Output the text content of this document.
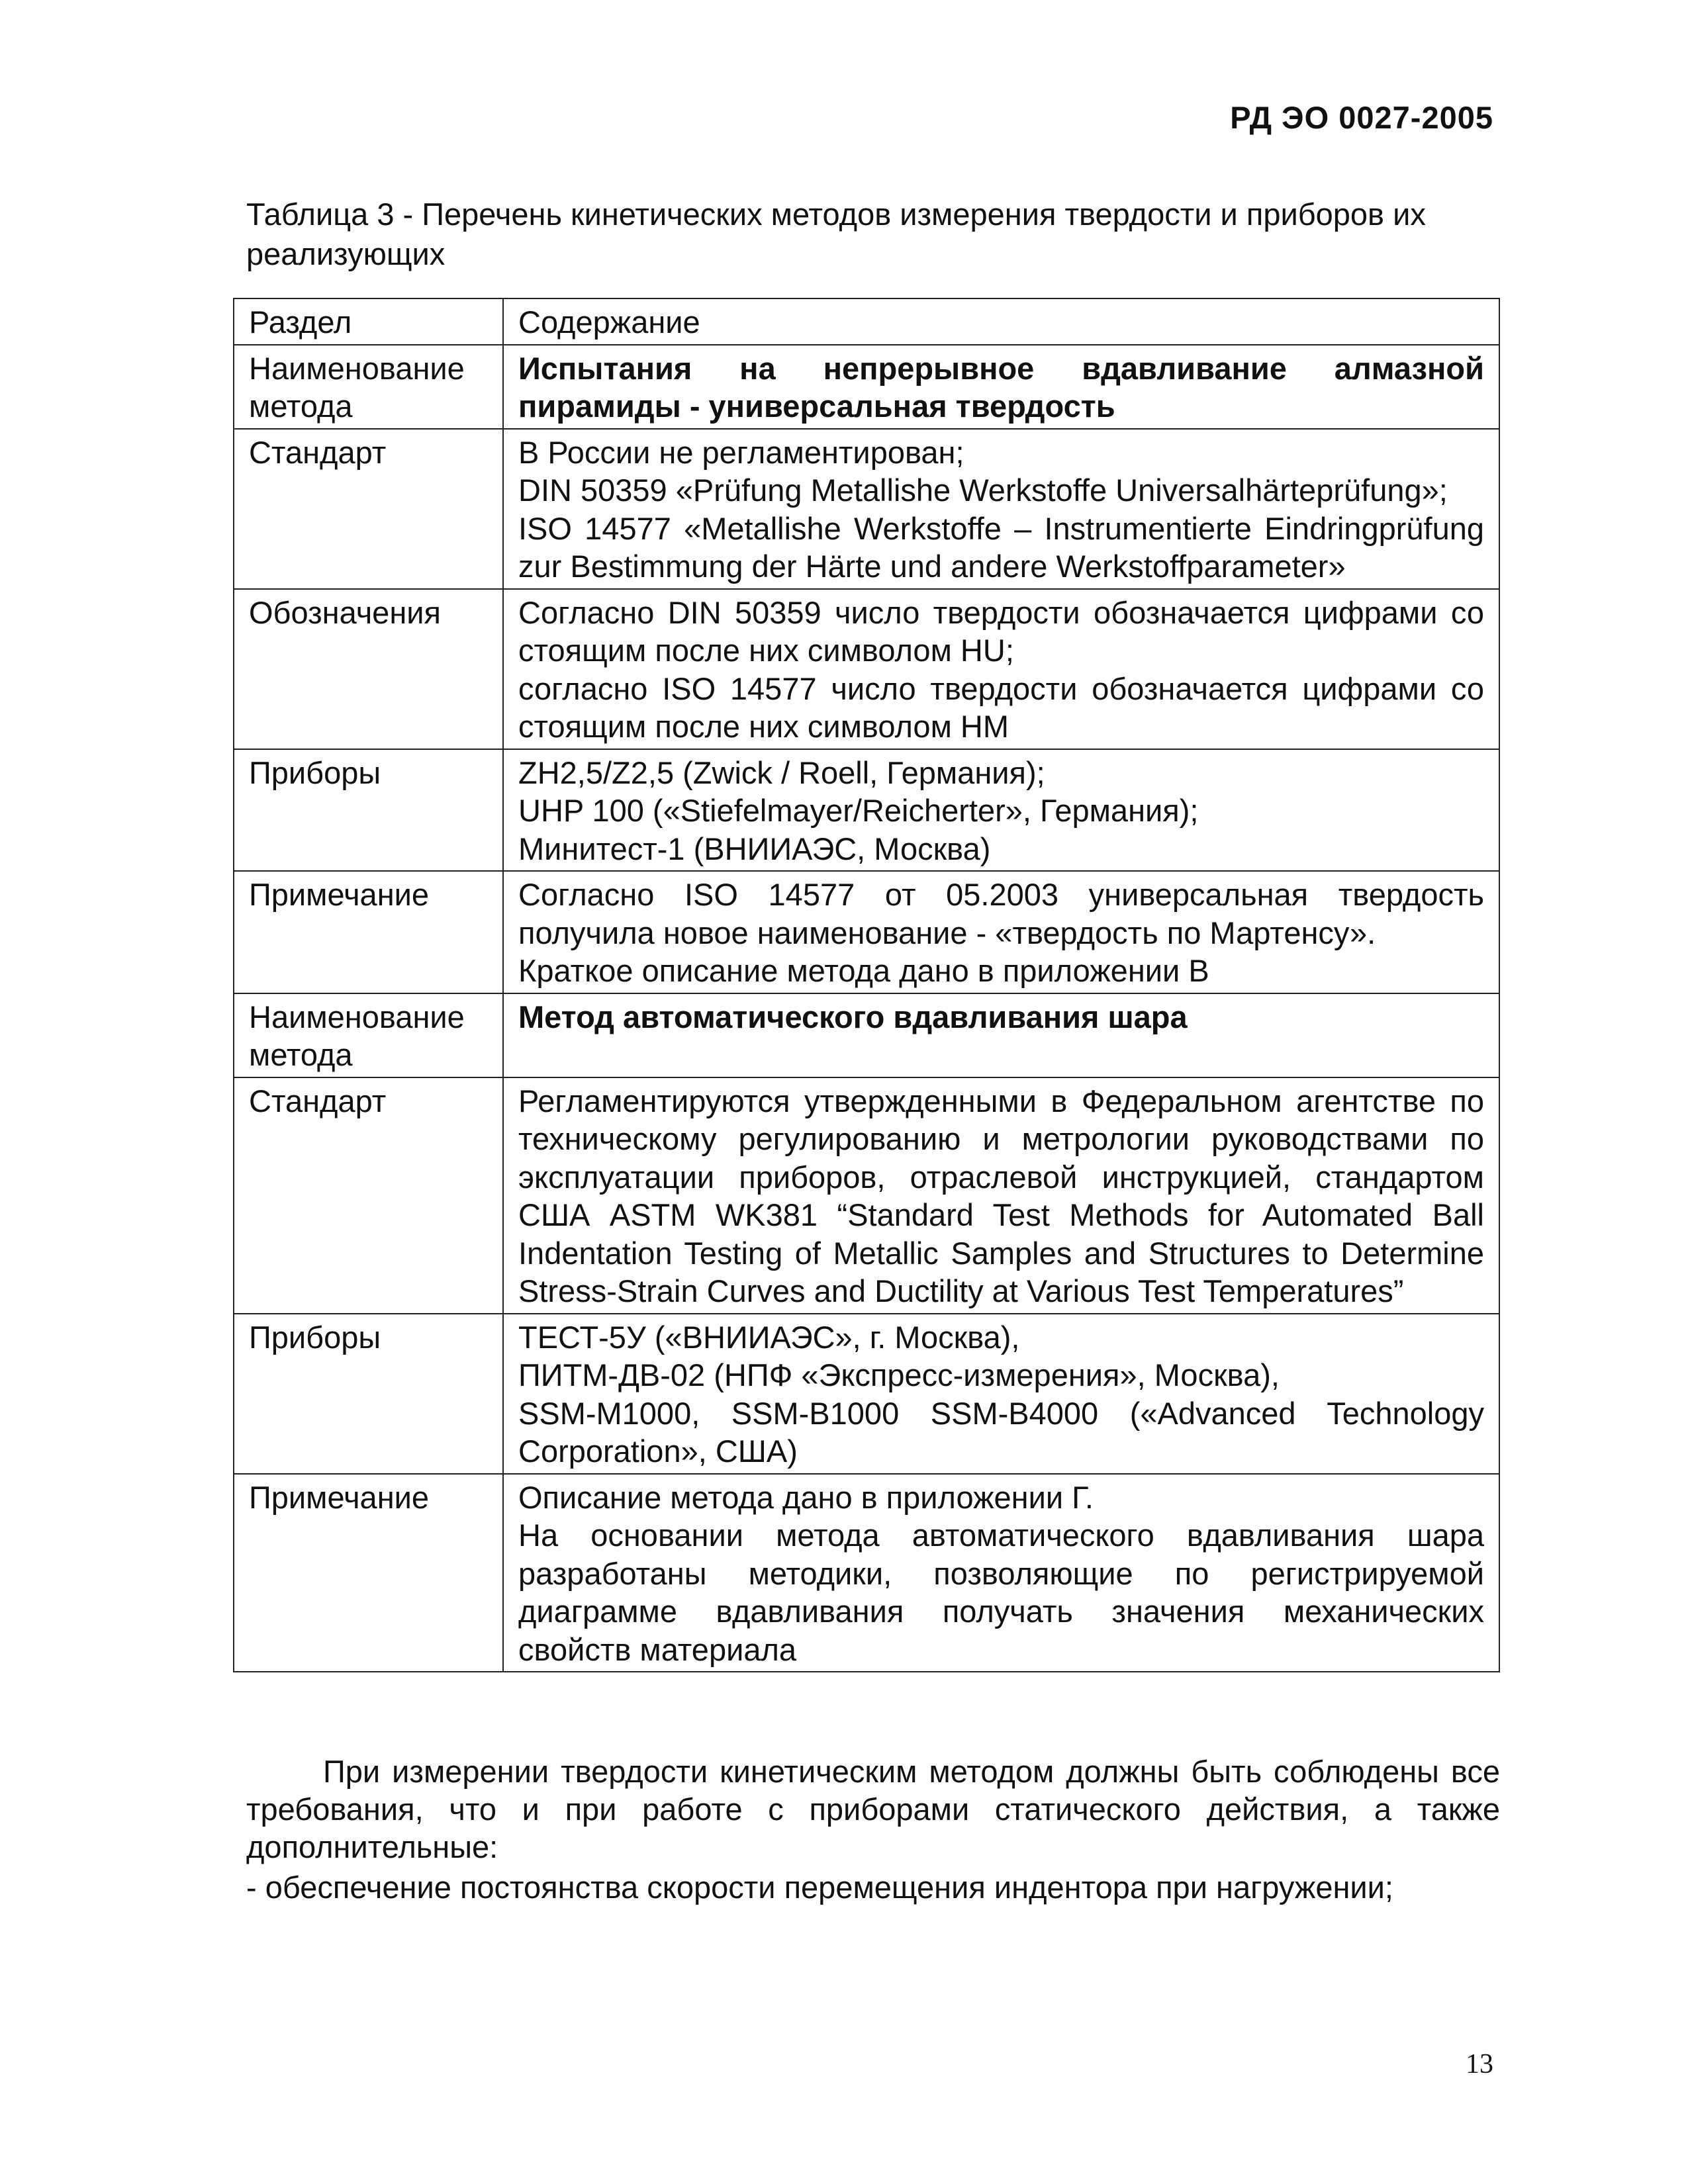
РД ЭО 0027-2005
Таблица 3 - Перечень кинетических методов измерения твердости и приборов их реализующих
Раздел	Содержание
Наименование метода	Испытания на непрерывное вдавливание алмазной пирамиды - универсальная твердость

Стандарт	В России не регламентирован;
DIN 50359 «Prüfung Metallishe Werkstoffe Universalhärteprüfung»;
ISO 14577 «Metallishe Werkstoffe – Instrumentierte Eindringprüfung zur Bestimmung der Härte und andere Werkstoffparameter»

Обозначения	Согласно DIN 50359 число твердости обозначается цифрами со стоящим после них символом HU;
согласно ISO 14577 число твердости обозначается цифрами со стоящим после них символом HM

Приборы	ZH2,5/Z2,5 (Zwick / Roell, Германия);
UHP 100 («Stiefelmayer/Reicherter», Германия);
Минитест-1 (ВНИИАЭС, Москва)

Примечание	Согласно ISO 14577 от 05.2003 универсальная твердость получила новое наименование - «твердость по Мартенсу».
Краткое описание метода дано в приложении В

Наименование метода	Метод автоматического вдавливания шара

Стандарт	Регламентируются утвержденными в Федеральном агентстве по техническому регулированию и метрологии руководствами по эксплуатации приборов, отраслевой инструкцией, стандартом США ASTM WK381 “Standard Test Methods for Automated Ball Indentation Testing of Metallic Samples and Structures to Determine Stress-Strain Curves and Ductility at Various Test Temperatures”

Приборы	ТЕСТ-5У («ВНИИАЭС», г. Москва),
ПИТМ-ДВ-02 (НПФ «Экспресс-измерения», Москва),
SSM-M1000, SSM-B1000 SSM-B4000 («Advanced Technology Corporation», США)

Примечание	Описание метода дано в приложении Г.
На основании метода автоматического вдавливания шара разработаны методики, позволяющие по регистрируемой диаграмме вдавливания получать значения механических свойств материала
При измерении твердости кинетическим методом должны быть соблюдены все требования, что и при работе с приборами статического действия, а также дополнительные:
- обеспечение постоянства скорости перемещения индентора при нагружении;
13
